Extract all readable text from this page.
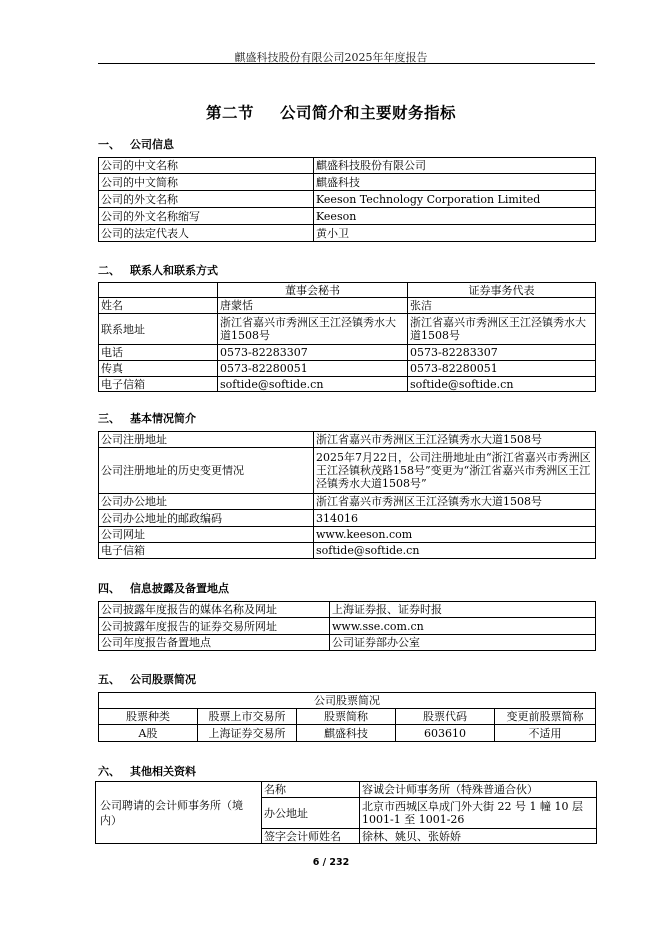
麒盛科技股份有限公司2025年年度报告
第二节 公司简介和主要财务指标
一、 公司信息
公司的中文名称	麒盛科技股份有限公司
公司的中文简称	麒盛科技
公司的外文名称	Keeson Technology Corporation Limited
公司的外文名称缩写	Keeson
公司的法定代表人	黄小卫
二、 联系人和联系方式
	董事会秘书	证券事务代表
姓名	唐蒙恬	张洁
联系地址	浙江省嘉兴市秀洲区王江泾镇秀水大道1508号	浙江省嘉兴市秀洲区王江泾镇秀水大道1508号
电话	0573-82283307	0573-82283307
传真	0573-82280051	0573-82280051
电子信箱	softide@softide.cn	softide@softide.cn
三、 基本情况简介
公司注册地址	浙江省嘉兴市秀洲区王江泾镇秀水大道1508号
公司注册地址的历史变更情况	2025年7月22日，公司注册地址由“浙江省嘉兴市秀洲区王江泾镇秋茂路158号”变更为“浙江省嘉兴市秀洲区王江泾镇秀水大道1508号”
公司办公地址	浙江省嘉兴市秀洲区王江泾镇秀水大道1508号
公司办公地址的邮政编码	314016
公司网址	www.keeson.com
电子信箱	softide@softide.cn
四、 信息披露及备置地点
公司披露年度报告的媒体名称及网址	上海证券报、证券时报
公司披露年度报告的证券交易所网址	www.sse.com.cn
公司年度报告备置地点	公司证券部办公室
五、 公司股票简况
公司股票简况				
股票种类	股票上市交易所	股票简称	股票代码	变更前股票简称
A股	上海证券交易所	麒盛科技	603610	不适用
六、 其他相关资料
公司聘请的会计师事务所（境内）	名称	容诚会计师事务所（特殊普通合伙）
	办公地址	北京市西城区阜成门外大街 22 号 1 幢 10 层 1001-1 至 1001-26
	签字会计师姓名	徐林、姚贝、张娇娇
6 / 232
